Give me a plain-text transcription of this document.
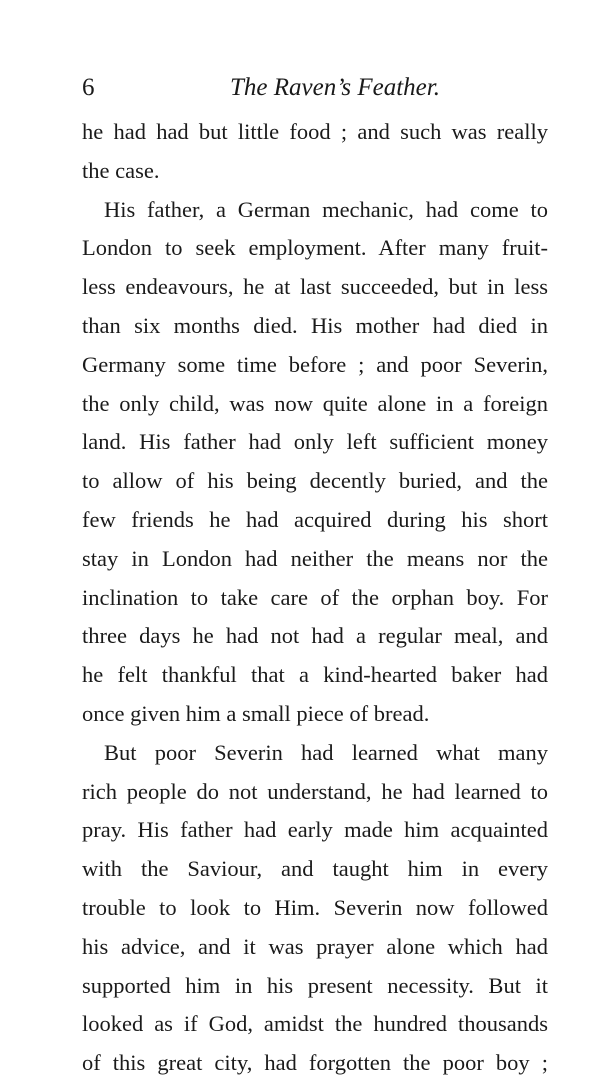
6	The Raven’s Feather.
he had had but little food ; and such was really
the case.
His father, a German mechanic, had come to
London to seek employment. After many fruit-
less endeavours, he at last succeeded, but in less
than six months died. His mother had died in
Germany some time before ; and poor Severin,
the only child, was now quite alone in a foreign
land. His father had only left sufficient money
to allow of his being decently buried, and the
few friends he had acquired during his short
stay in London had neither the means nor the
inclination to take care of the orphan boy. For
three days he had not had a regular meal, and
he felt thankful that a kind-hearted baker had
once given him a small piece of bread.
But poor Severin had learned what many
rich people do not understand, he had learned to
pray. His father had early made him acquainted
with the Saviour, and taught him in every
trouble to look to Him. Severin now followed
his advice, and it was prayer alone which had
supported him in his present necessity. But it
looked as if God, amidst the hundred thousands
of this great city, had forgotten the poor boy ;
